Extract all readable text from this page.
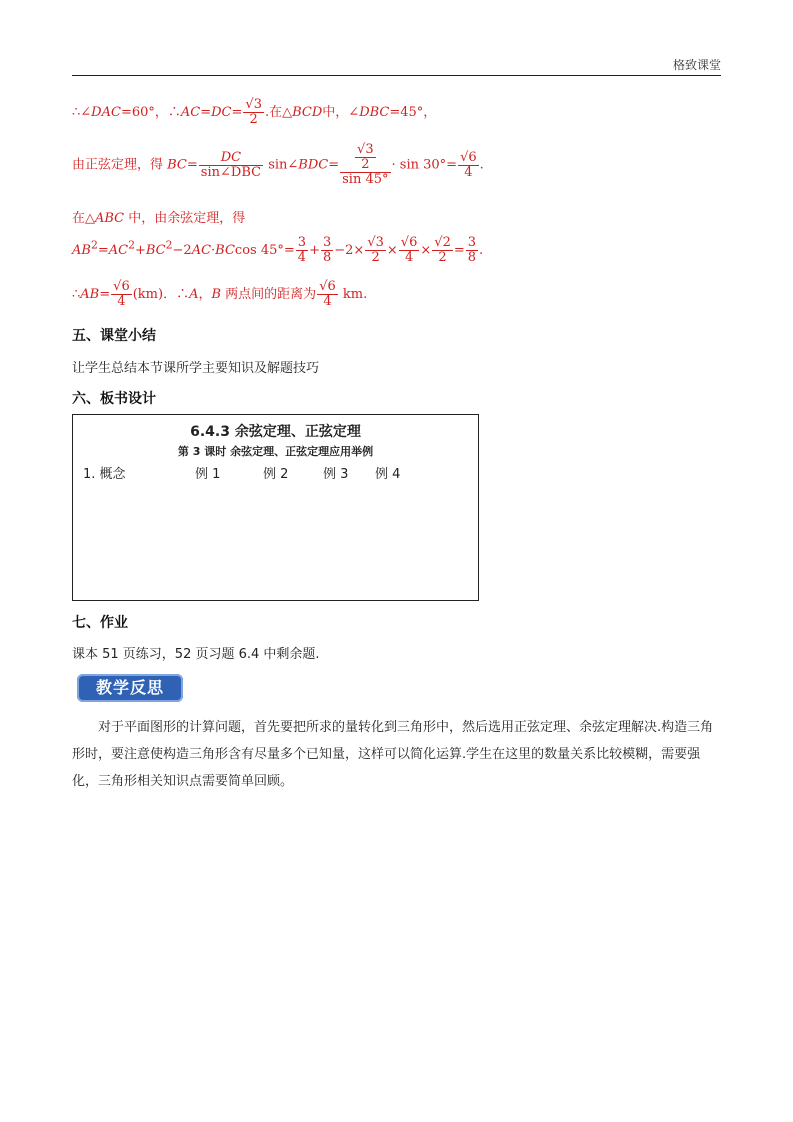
格致课堂
∴∠DAC=60°，∴AC=DC= $\frac{√3}{2}$ .在△BCD中，∠DBC=45°，
由正弦定理，得 $BC= \frac{DC}{\text{sin∠DBC}}$ sin∠BDC= $\frac{\frac{√3}{2}}{\sin 45^\circ} \cdot \sin 30^\circ= \frac{√6}{4}$ .
在△ABC 中，由余弦定理，得
$AB^2=AC^2+BC^2-2AC\cdot BCcos$ $45^\circ= \frac{3}{4} + \frac{3}{8} -2\times \frac{√3}{2} \times \frac{√6}{4} \times \frac{√2}{2} = \frac{3}{8}$ .
∴AB= $\frac{√6}{4} (km)$．∴A，B 两点间的距离为 $\frac{√6}{4}$ km.
五、课堂小结
让学生总结本节课所学主要知识及解题技巧
六、板书设计
6.4.3 余弦定理、正弦定理
第 3 课时 余弦定理、正弦定理应用举例
1. 概念	例 1	例 2	例 3 例 4
七、作业
课本 51 页练习，52 页习题 6.4 中剩余题.
教学反思
对于平面图形的计算问题，首先要把所求的量转化到三角形中，然后选用正弦定理、余弦定理解决.构造三角形时，要注意使构造三角形含有尽量多个已知量，这样可以简化运算.学生在这里的数量关系比较模糊，需要强化，三角形相关知识点需要简单回顾。
